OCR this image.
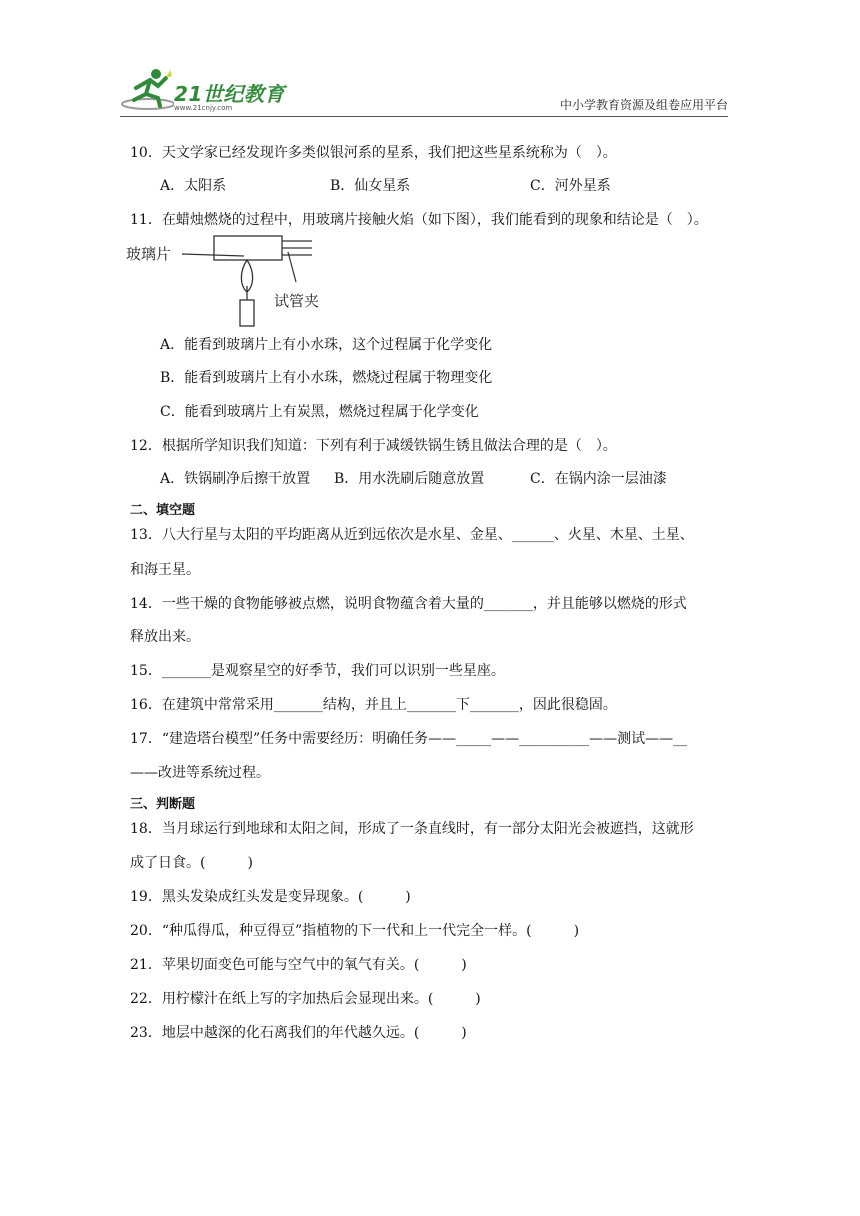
21世纪教育
www.21cnjy.com	中小学教育资源及组卷应用平台
10．天文学家已经发现许多类似银河系的星系，我们把这些星系统称为（　）。
A．太阳系	B．仙女星系	C．河外星系
11．在蜡烛燃烧的过程中，用玻璃片接触火焰（如下图），我们能看到的现象和结论是（　）。
玻璃片
试管夹
A．能看到玻璃片上有小水珠，这个过程属于化学变化
B．能看到玻璃片上有小水珠，燃烧过程属于物理变化
C．能看到玻璃片上有炭黑，燃烧过程属于化学变化
12．根据所学知识我们知道：下列有利于减缓铁锅生锈且做法合理的是（　）。
A．铁锅刷净后擦干放置 B．用水洗刷后随意放置	C．在锅内涂一层油漆
二、填空题
13．八大行星与太阳的平均距离从近到远依次是水星、金星、______、火星、木星、土星、
和海王星。
14．一些干燥的食物能够被点燃，说明食物蕴含着大量的_______，并且能够以燃烧的形式
释放出来。
15．_______是观察星空的好季节，我们可以识别一些星座。
16．在建筑中常常采用_______结构，并且上_______下_______，因此很稳固。
17．“建造塔台模型”任务中需要经历：明确任务——_____——__________——测试——__
——改进等系统过程。
三、判断题
18．当月球运行到地球和太阳之间，形成了一条直线时，有一部分太阳光会被遮挡，这就形
成了日食。(　　　)
19．黑头发染成红头发是变异现象。(　　　)
20．“种瓜得瓜，种豆得豆”指植物的下一代和上一代完全一样。(　　　)
21．苹果切面变色可能与空气中的氧气有关。(　　　)
22．用柠檬汁在纸上写的字加热后会显现出来。(　　　)
23．地层中越深的化石离我们的年代越久远。(　　　)
